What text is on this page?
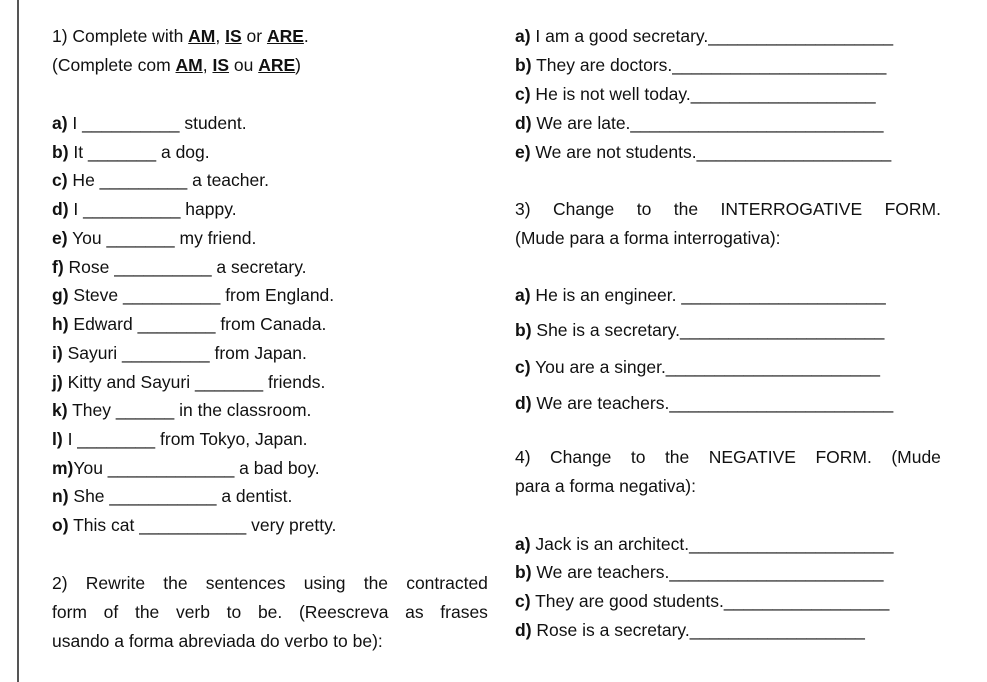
1) Complete with AM, IS or ARE.
(Complete com AM, IS ou ARE)
a) I __________ student.
b) It _______ a dog.
c) He _________ a teacher.
d) I __________ happy.
e) You _______ my friend.
f) Rose __________ a secretary.
g) Steve __________ from England.
h) Edward ________ from Canada.
i) Sayuri _________ from Japan.
j) Kitty and Sayuri _______ friends.
k) They ______ in the classroom.
l) I ________ from Tokyo, Japan.
m)You _____________ a bad boy.
n) She ___________ a dentist.
o) This cat ___________ very pretty.
2) Rewrite the sentences using the contracted
form of the verb to be. (Reescreva as frases
usando a forma abreviada do verbo to be):
a) I am a good secretary.___________________
b) They are doctors.______________________
c) He is not well today.___________________
d) We are late.__________________________
e) We are not students.____________________
3) Change to the INTERROGATIVE FORM.
(Mude para a forma interrogativa):
a) He is an engineer. _____________________
b) She is a secretary._____________________
c) You are a singer.______________________
d) We are teachers._______________________
4) Change to the NEGATIVE FORM. (Mude
para a forma negativa):
a) Jack is an architect._____________________
b) We are teachers.______________________
c) They are good students._________________
d) Rose is a secretary.__________________
